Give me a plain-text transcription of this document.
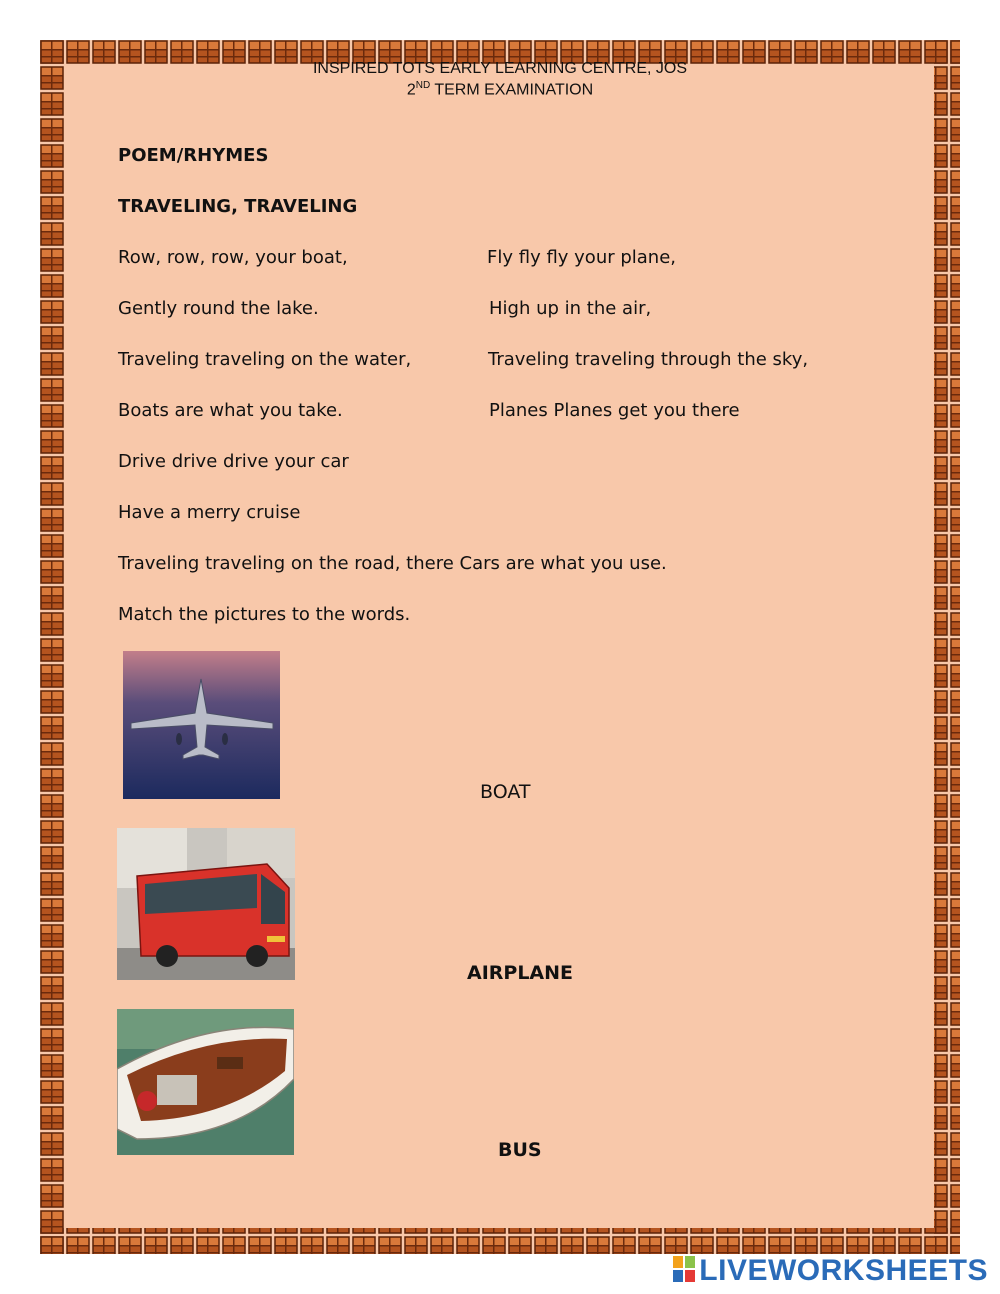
INSPIRED TOTS EARLY LEARNING CENTRE, JOS
2ND TERM EXAMINATION
POEM/RHYMES
TRAVELING, TRAVELING
Row, row, row, your boat,
Gently round the lake.
Traveling traveling on the water,
Boats are what you take.
Drive drive drive your car
Have a merry cruise
Traveling traveling on the road, there Cars are what you use.
Fly fly fly your plane,
High up in the air,
Traveling traveling through the sky,
Planes Planes get you there
Match the pictures to the words.
BOAT
AIRPLANE
BUS
LIVEWORKSHEETS
